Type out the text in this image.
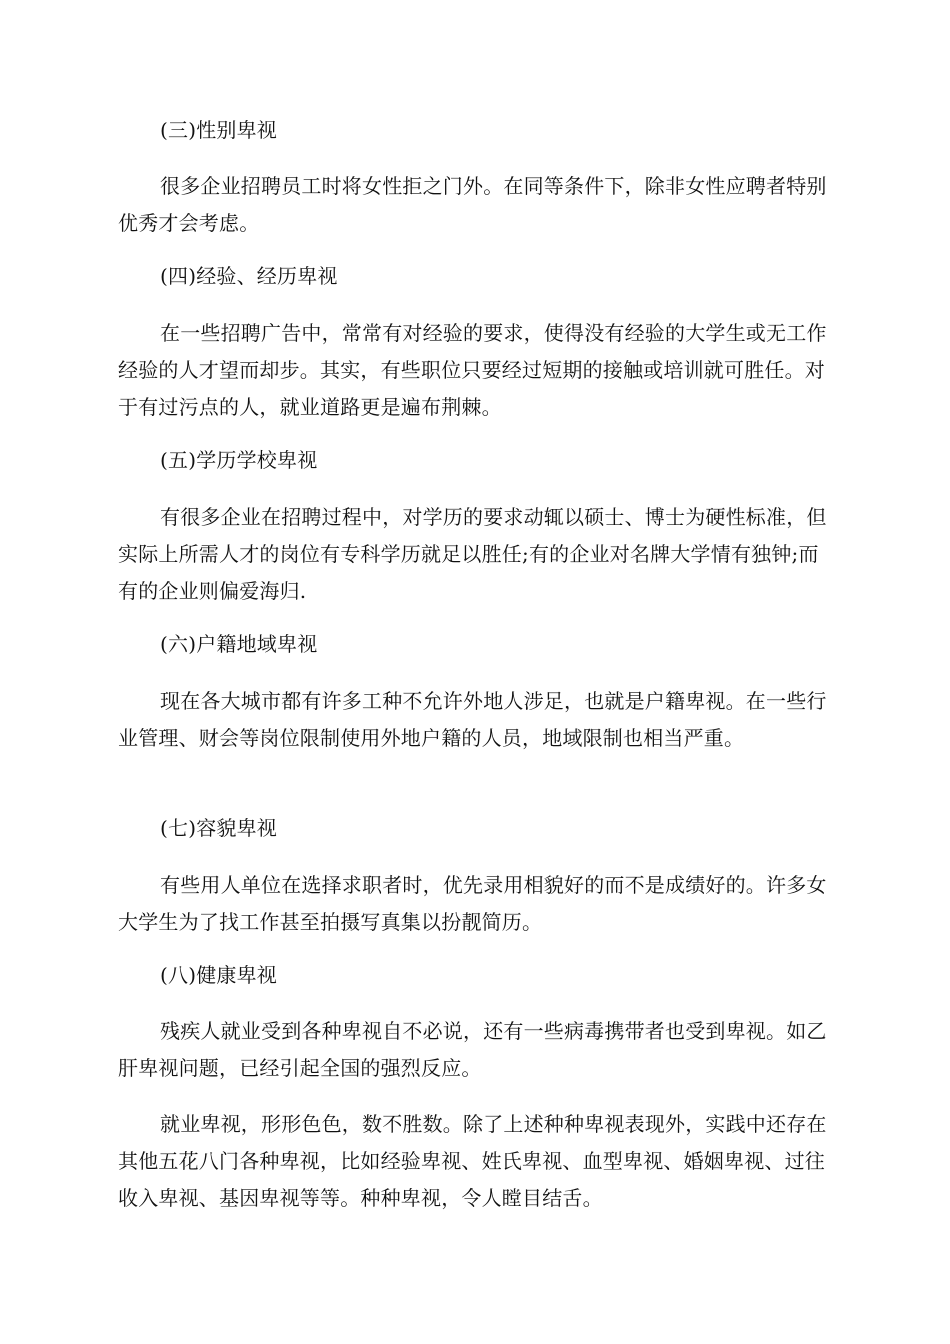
(三)性别卑视

很多企业招聘员工时将女性拒之门外。在同等条件下，除非女性应聘者特别优秀才会考虑。

(四)经验、经历卑视

在一些招聘广告中，常常有对经验的要求，使得没有经验的大学生或无工作经验的人才望而却步。其实，有些职位只要经过短期的接触或培训就可胜任。对于有过污点的人，就业道路更是遍布荆棘。

(五)学历学校卑视

有很多企业在招聘过程中，对学历的要求动辄以硕士、博士为硬性标准，但实际上所需人才的岗位有专科学历就足以胜任;有的企业对名牌大学情有独钟;而有的企业则偏爱海归.

(六)户籍地域卑视

现在各大城市都有许多工种不允许外地人涉足，也就是户籍卑视。在一些行业管理、财会等岗位限制使用外地户籍的人员，地域限制也相当严重。

(七)容貌卑视

有些用人单位在选择求职者时，优先录用相貌好的而不是成绩好的。许多女大学生为了找工作甚至拍摄写真集以扮靓简历。

(八)健康卑视

残疾人就业受到各种卑视自不必说，还有一些病毒携带者也受到卑视。如乙肝卑视问题，已经引起全国的强烈反应。

就业卑视，形形色色，数不胜数。除了上述种种卑视表现外，实践中还存在其他五花八门各种卑视，比如经验卑视、姓氏卑视、血型卑视、婚姻卑视、过往收入卑视、基因卑视等等。种种卑视，令人瞠目结舌。
